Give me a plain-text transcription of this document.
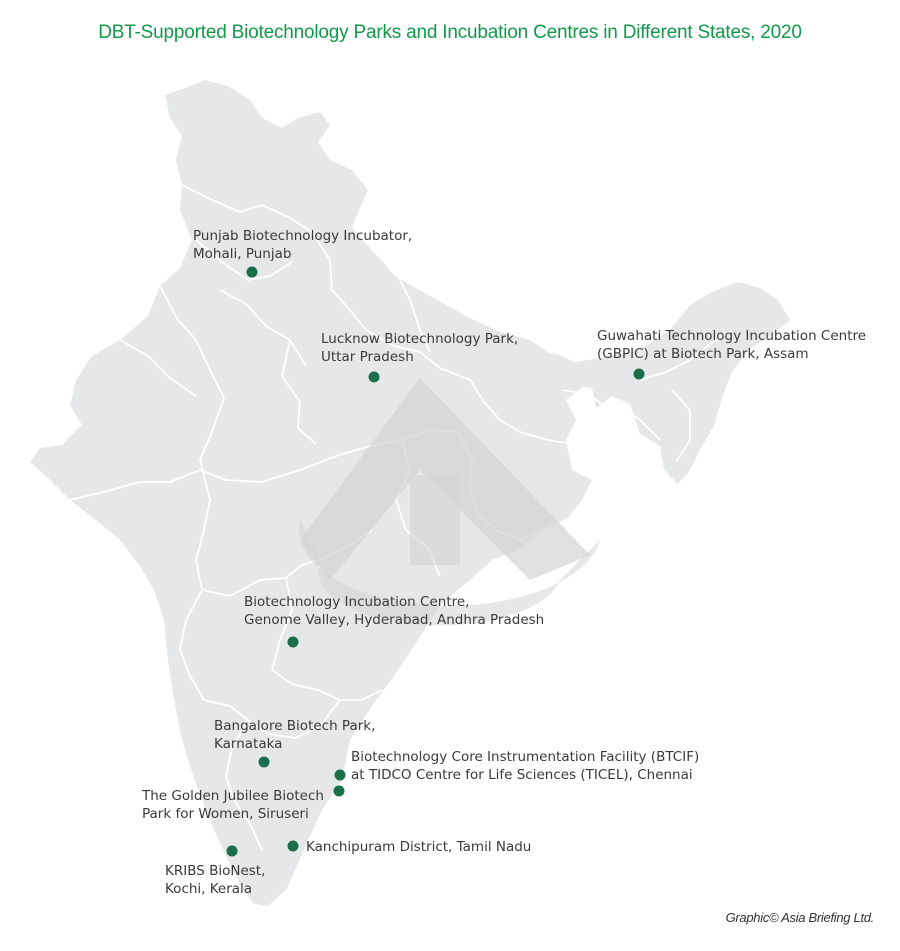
DBT-Supported Biotechnology Parks and Incubation Centres in Different States, 2020
Punjab Biotechnology Incubator,
Mohali, Punjab
Lucknow Biotechnology Park,
Uttar Pradesh
Guwahati Technology Incubation Centre
(GBPIC) at Biotech Park, Assam
Biotechnology Incubation Centre,
Genome Valley, Hyderabad, Andhra Pradesh
Bangalore Biotech Park,
Karnataka
Biotechnology Core Instrumentation Facility (BTCIF)
at TIDCO Centre for Life Sciences (TICEL), Chennai
The Golden Jubilee Biotech
Park for Women, Siruseri
Kanchipuram District, Tamil Nadu
KRIBS BioNest,
Kochi, Kerala
Graphic© Asia Briefing Ltd.
